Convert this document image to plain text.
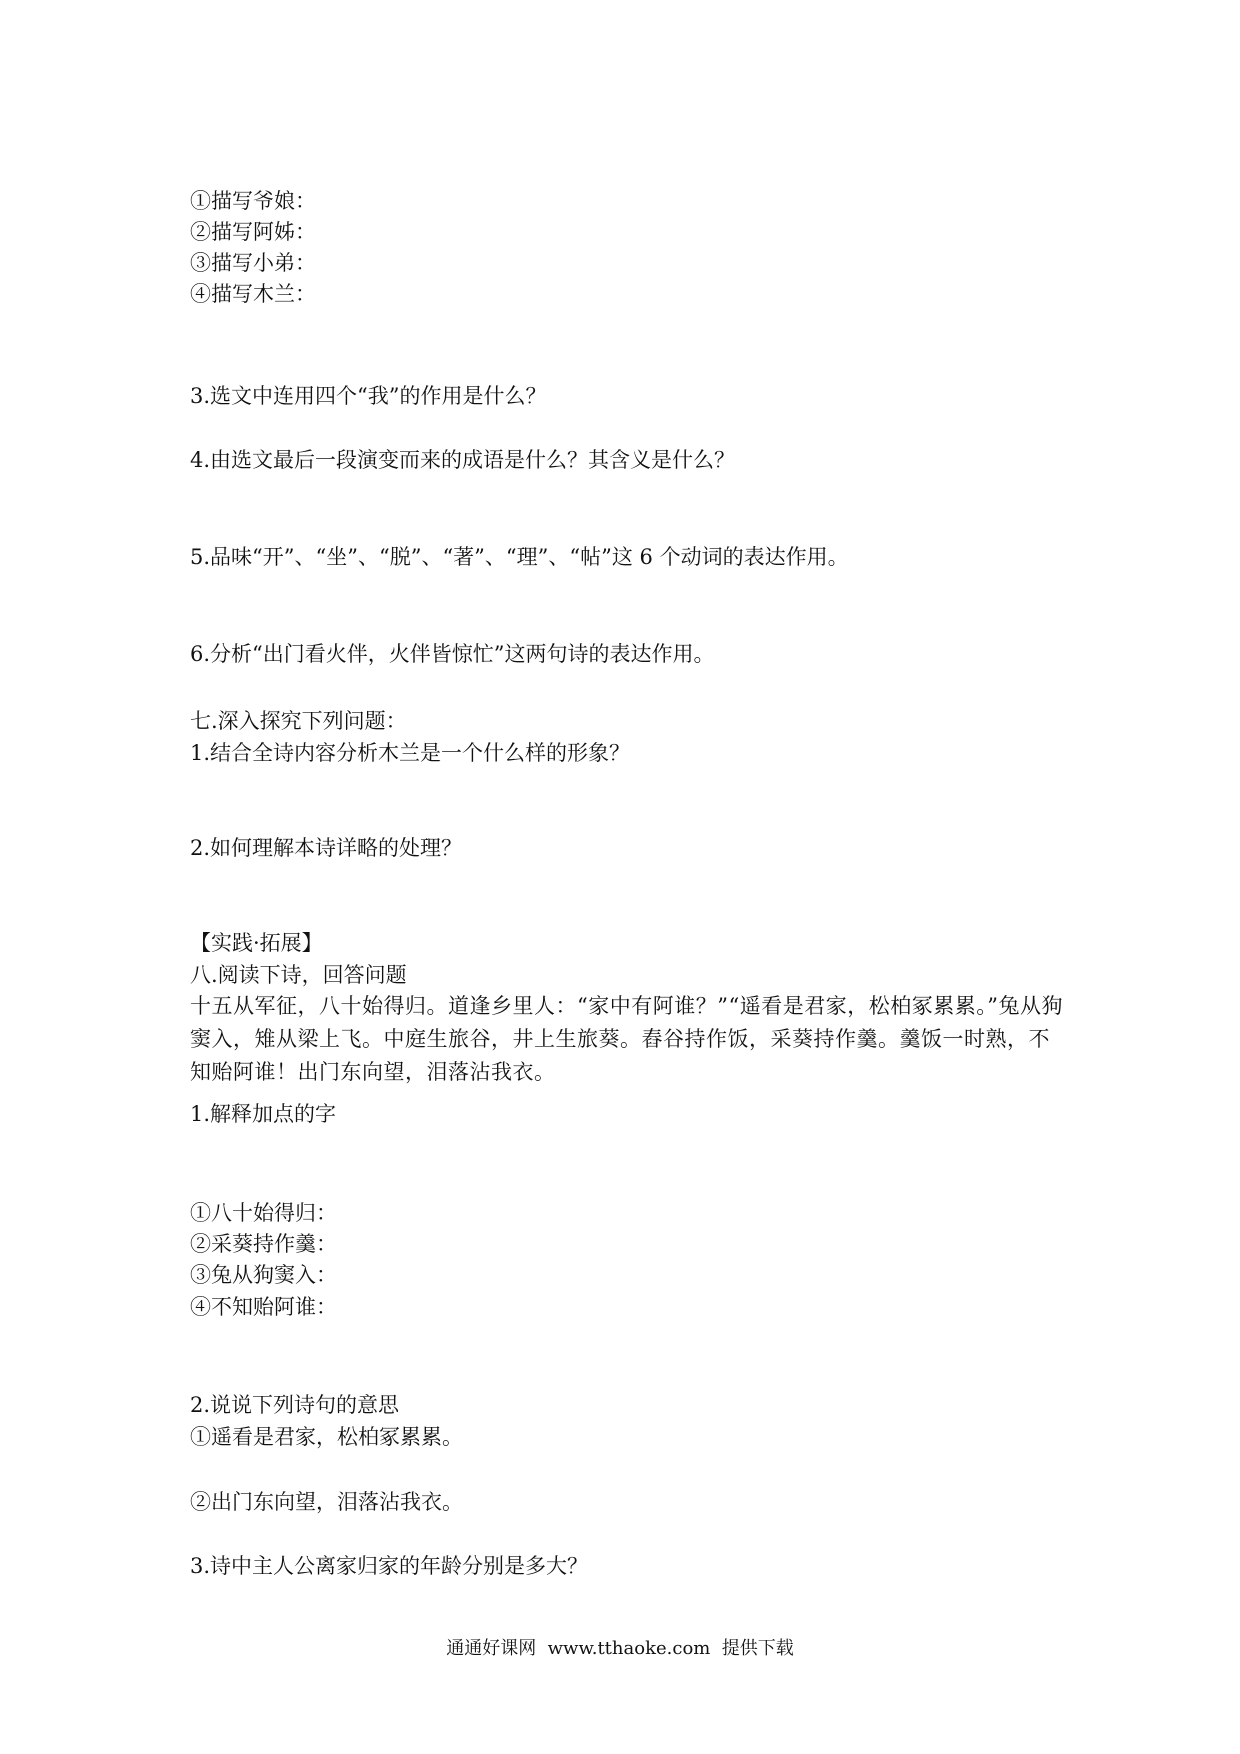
①描写爷娘：
②描写阿姊：
③描写小弟：
④描写木兰：
3.选文中连用四个“我”的作用是什么？
4.由选文最后一段演变而来的成语是什么？其含义是什么？
5.品味“开”、“坐”、“脱”、“著”、“理”、“帖”这 6 个动词的表达作用。
6.分析“出门看火伴，火伴皆惊忙”这两句诗的表达作用。
七.深入探究下列问题：
1.结合全诗内容分析木兰是一个什么样的形象？
2.如何理解本诗详略的处理？
【实践·拓展】
八.阅读下诗，回答问题
十五从军征，八十始得归。道逢乡里人：“家中有阿谁？”“遥看是君家，松柏冢累累。”兔从狗窦入，雉从梁上飞。中庭生旅谷，井上生旅葵。舂谷持作饭，采葵持作羹。羹饭一时熟，不知贻阿谁！出门东向望，泪落沾我衣。
1.解释加点的字
①八十始得归：
②采葵持作羹：
③兔从狗窦入：
④不知贻阿谁：
2.说说下列诗句的意思
①遥看是君家，松柏冢累累。
②出门东向望，泪落沾我衣。
3.诗中主人公离家归家的年龄分别是多大？
通通好课网  www.tthaoke.com  提供下载
